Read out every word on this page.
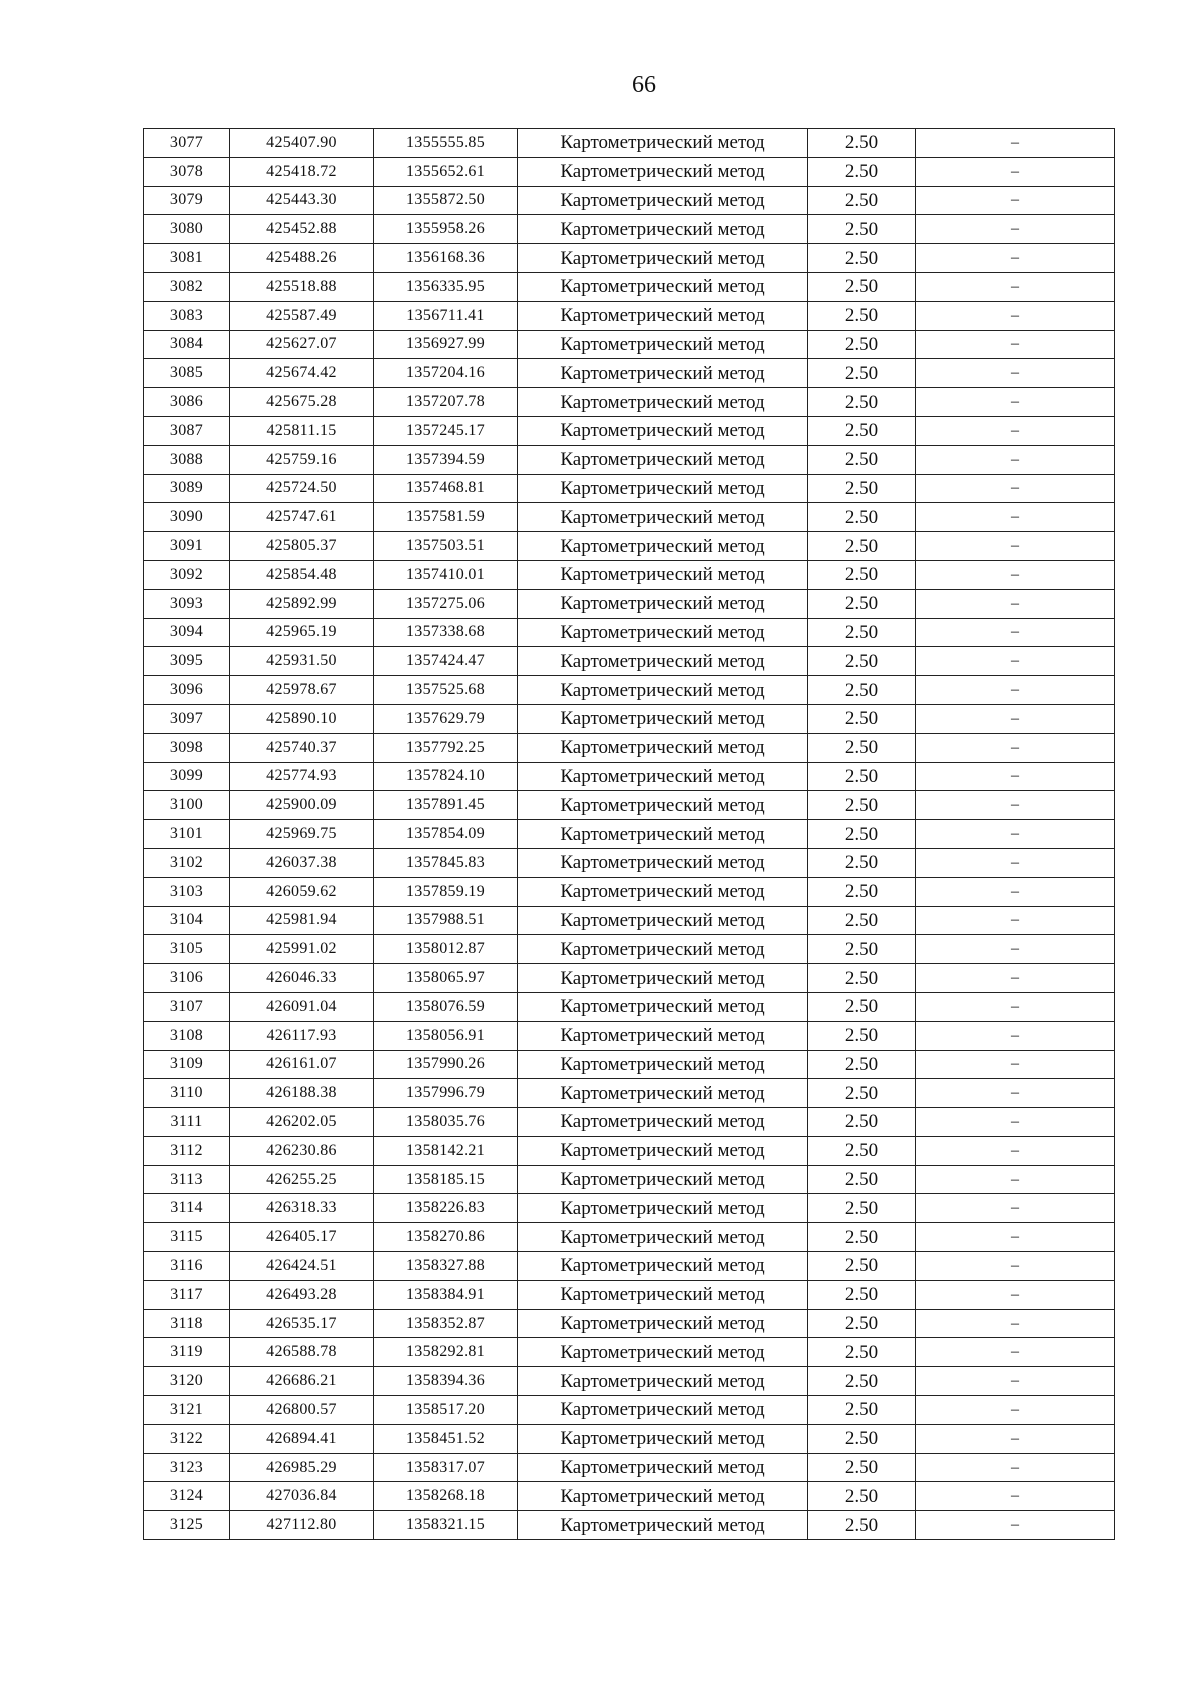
66
3077	425407.90	1355555.85	Картометрический метод	2.50	–
3078	425418.72	1355652.61	Картометрический метод	2.50	–
3079	425443.30	1355872.50	Картометрический метод	2.50	–
3080	425452.88	1355958.26	Картометрический метод	2.50	–
3081	425488.26	1356168.36	Картометрический метод	2.50	–
3082	425518.88	1356335.95	Картометрический метод	2.50	–
3083	425587.49	1356711.41	Картометрический метод	2.50	–
3084	425627.07	1356927.99	Картометрический метод	2.50	–
3085	425674.42	1357204.16	Картометрический метод	2.50	–
3086	425675.28	1357207.78	Картометрический метод	2.50	–
3087	425811.15	1357245.17	Картометрический метод	2.50	–
3088	425759.16	1357394.59	Картометрический метод	2.50	–
3089	425724.50	1357468.81	Картометрический метод	2.50	–
3090	425747.61	1357581.59	Картометрический метод	2.50	–
3091	425805.37	1357503.51	Картометрический метод	2.50	–
3092	425854.48	1357410.01	Картометрический метод	2.50	–
3093	425892.99	1357275.06	Картометрический метод	2.50	–
3094	425965.19	1357338.68	Картометрический метод	2.50	–
3095	425931.50	1357424.47	Картометрический метод	2.50	–
3096	425978.67	1357525.68	Картометрический метод	2.50	–
3097	425890.10	1357629.79	Картометрический метод	2.50	–
3098	425740.37	1357792.25	Картометрический метод	2.50	–
3099	425774.93	1357824.10	Картометрический метод	2.50	–
3100	425900.09	1357891.45	Картометрический метод	2.50	–
3101	425969.75	1357854.09	Картометрический метод	2.50	–
3102	426037.38	1357845.83	Картометрический метод	2.50	–
3103	426059.62	1357859.19	Картометрический метод	2.50	–
3104	425981.94	1357988.51	Картометрический метод	2.50	–
3105	425991.02	1358012.87	Картометрический метод	2.50	–
3106	426046.33	1358065.97	Картометрический метод	2.50	–
3107	426091.04	1358076.59	Картометрический метод	2.50	–
3108	426117.93	1358056.91	Картометрический метод	2.50	–
3109	426161.07	1357990.26	Картометрический метод	2.50	–
3110	426188.38	1357996.79	Картометрический метод	2.50	–
3111	426202.05	1358035.76	Картометрический метод	2.50	–
3112	426230.86	1358142.21	Картометрический метод	2.50	–
3113	426255.25	1358185.15	Картометрический метод	2.50	–
3114	426318.33	1358226.83	Картометрический метод	2.50	–
3115	426405.17	1358270.86	Картометрический метод	2.50	–
3116	426424.51	1358327.88	Картометрический метод	2.50	–
3117	426493.28	1358384.91	Картометрический метод	2.50	–
3118	426535.17	1358352.87	Картометрический метод	2.50	–
3119	426588.78	1358292.81	Картометрический метод	2.50	–
3120	426686.21	1358394.36	Картометрический метод	2.50	–
3121	426800.57	1358517.20	Картометрический метод	2.50	–
3122	426894.41	1358451.52	Картометрический метод	2.50	–
3123	426985.29	1358317.07	Картометрический метод	2.50	–
3124	427036.84	1358268.18	Картометрический метод	2.50	–
3125	427112.80	1358321.15	Картометрический метод	2.50	–
